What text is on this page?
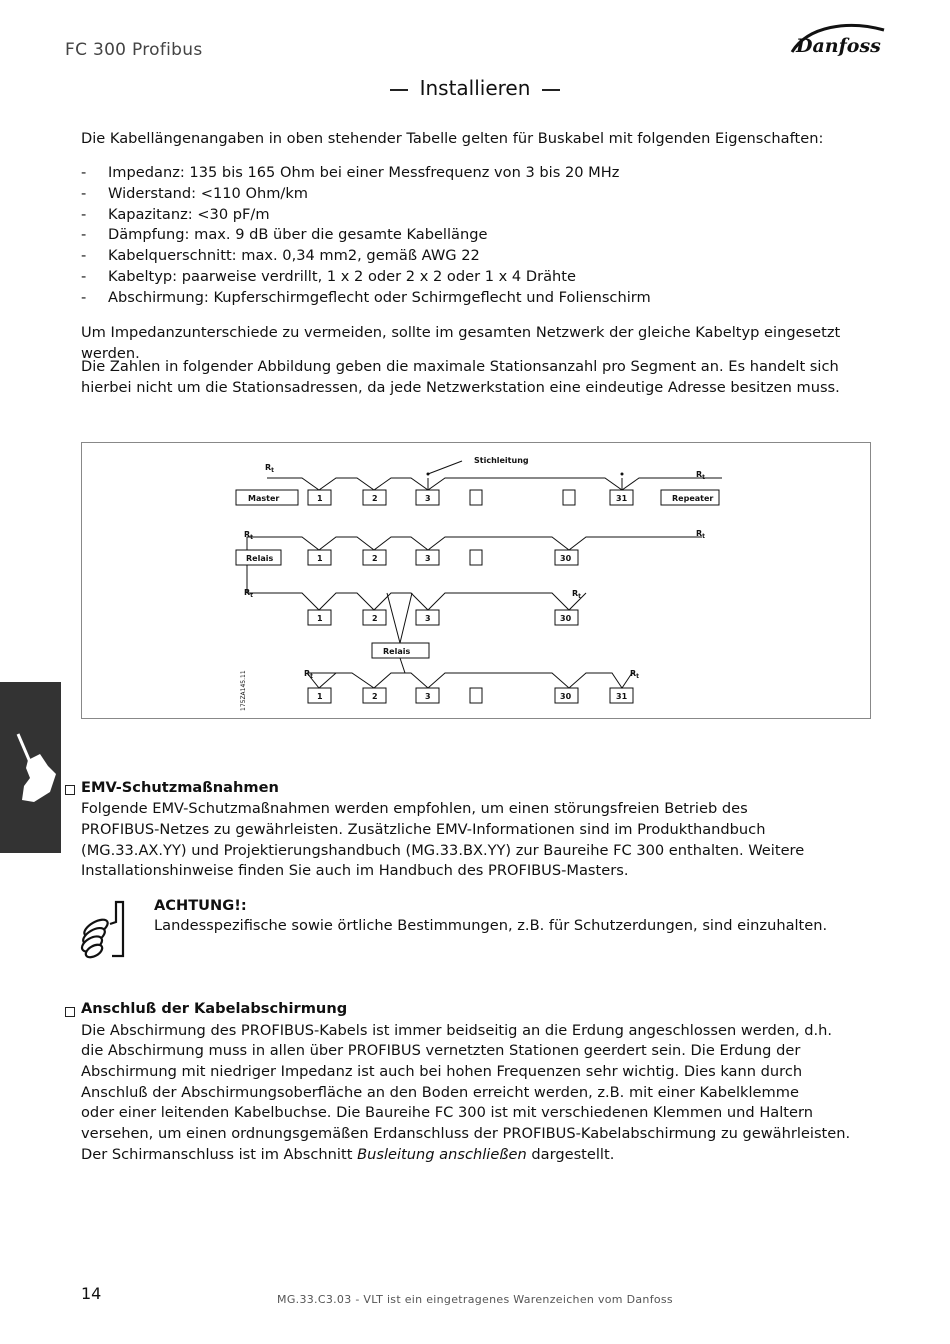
FC 300 Profibus	Danfoss
Installieren
Die Kabellängenangaben in oben stehender Tabelle gelten für Buskabel mit folgenden Eigenschaften:
-	Impedanz: 135 bis 165 Ohm bei einer Messfrequenz von 3 bis 20 MHz
-	Widerstand: <110 Ohm/km
-	Kapazitanz: <30 pF/m
-	Dämpfung: max. 9 dB über die gesamte Kabellänge
-	Kabelquerschnitt: max. 0,34 mm2, gemäß AWG 22
-	Kabeltyp: paarweise verdrillt, 1 x 2 oder 2 x 2 oder 1 x 4 Drähte
-	Abschirmung: Kupferschirmgeflecht oder Schirmgeflecht und Folienschirm
Um Impedanzunterschiede zu vermeiden, sollte im gesamten Netzwerk der gleiche Kabeltyp eingesetzt werden.
Die Zahlen in folgender Abbildung geben die maximale Stationsanzahl pro Segment an. Es handelt sich
hierbei nicht um die Stationsadressen, da jede Netzwerkstation eine eindeutige Adresse besitzen muss.
Stichleitung
$R_t$	$R_t$
$R_t$	$R_t$
$R_t$	$R_t$
$R_t$	$R_t$
Master	1	2	3	31	Repeater
Relais	1	2	3	30
1	2	3	30
Relais
1	2	3	30	31
175ZA145.11
EMV-Schutzmaßnahmen
Folgende EMV-Schutzmaßnahmen werden empfohlen, um einen störungsfreien Betrieb des
PROFIBUS-Netzes zu gewährleisten. Zusätzliche EMV-Informationen sind im Produkthandbuch
(MG.33.AX.YY) und Projektierungshandbuch (MG.33.BX.YY) zur Baureihe FC 300 enthalten. Weitere
Installationshinweise finden Sie auch im Handbuch des PROFIBUS-Masters.
ACHTUNG!:
Landesspezifische sowie örtliche Bestimmungen, z.B. für Schutzerdungen, sind einzuhalten.
Anschluß der Kabelabschirmung
Die Abschirmung des PROFIBUS-Kabels ist immer beidseitig an die Erdung angeschlossen werden, d.h.
die Abschirmung muss in allen über PROFIBUS vernetzten Stationen geerdert sein. Die Erdung der
Abschirmung mit niedriger Impedanz ist auch bei hohen Frequenzen sehr wichtig. Dies kann durch
Anschluß der Abschirmungsoberfläche an den Boden erreicht werden, z.B. mit einer Kabelklemme
oder einer leitenden Kabelbuchse. Die Baureihe FC 300 ist mit verschiedenen Klemmen und Haltern
versehen, um einen ordnungsgemäßen Erdanschluss der PROFIBUS-Kabelabschirmung zu gewährleisten.
Der Schirmanschluss ist im Abschnitt Busleitung anschließen dargestellt.
14	MG.33.C3.03 - VLT ist ein eingetragenes Warenzeichen vom Danfoss
